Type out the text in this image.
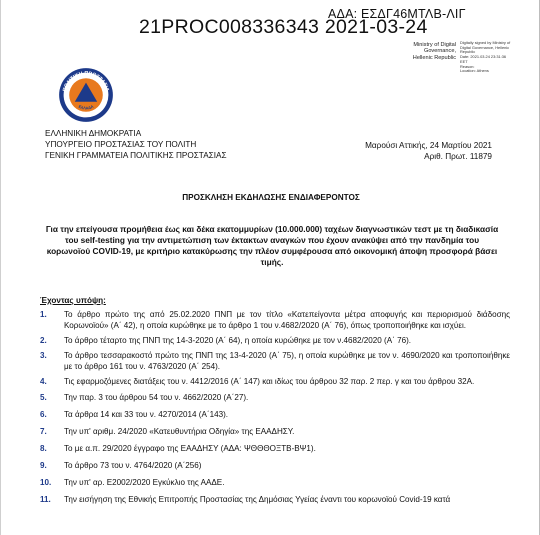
ΑΔΑ: ΕΣΔΓ46ΜΤΛΒ-ΛΙΓ
21PROC008336343 2021-03-24
Ministry of Digital
Governance,
Hellenic Republic
Digitally signed by Ministry of
Digital Governance, Hellenic
Republic
Date: 2021.03.24 23:31:36
EET
Reason:
Location: Athens
ΠΟΛΙΤΙΚΗ ΠΡΟΣΤΑΣΙΑ
ΕΛΛΑΔΑ
ΕΛΛΗΝΙΚΗ ΔΗΜΟΚΡΑΤΙΑ
ΥΠΟΥΡΓΕΙΟ ΠΡΟΣΤΑΣΙΑΣ ΤΟΥ ΠΟΛΙΤΗ
ΓΕΝΙΚΗ ΓΡΑΜΜΑΤΕΙΑ ΠΟΛΙΤΙΚΗΣ ΠΡΟΣΤΑΣΙΑΣ
Μαρούσι Αττικής, 24 Μαρτίου 2021
Αριθ. Πρωτ. 11879
ΠΡΟΣΚΛΗΣΗ ΕΚΔΗΛΩΣΗΣ ΕΝΔΙΑΦΕΡΟΝΤΟΣ
Για την επείγουσα προμήθεια έως και δέκα εκατομμυρίων (10.000.000) ταχέων διαγνωστικών τεστ με τη διαδικασία του self-testing για την αντιμετώπιση των έκτακτων αναγκών που έχουν ανακύψει από την πανδημία του κορωνοϊού COVID-19, με κριτήριο κατακύρωσης την πλέον συμφέρουσα από οικονομική άποψη προσφορά βάσει τιμής.
Έχοντας υπόψη:
1. Το άρθρο πρώτο της από 25.02.2020 ΠΝΠ με τον τίτλο «Κατεπείγοντα μέτρα αποφυγής και περιορισμού διάδοσης Κορωνοϊού» (Α΄ 42), η οποία κυρώθηκε με το άρθρο 1 του ν.4682/2020 (Α΄ 76), όπως τροποποιήθηκε και ισχύει.
2. Το άρθρο τέταρτο της ΠΝΠ της 14-3-2020 (Α΄ 64), η οποία κυρώθηκε με τον ν.4682/2020 (Α΄ 76).
3. Το άρθρο τεσσαρακοστό πρώτο της ΠΝΠ της 13-4-2020 (Α΄ 75), η οποία κυρώθηκε με τον ν. 4690/2020 και τροποποιήθηκε με το άρθρο 161 του ν. 4763/2020 (Α΄ 254).
4. Τις εφαρμοζόμενες διατάξεις του ν. 4412/2016 (Α΄ 147) και ιδίως του άρθρου 32 παρ. 2 περ. γ και του άρθρου 32Α.
5. Την παρ. 3 του άρθρου 54 του ν. 4662/2020 (Α΄27).
6. Τα άρθρα 14 και 33 του ν. 4270/2014 (Α΄143).
7. Την υπ' αριθμ. 24/2020 «Κατευθυντήρια Οδηγία» της ΕΑΑΔΗΣΥ.
8. Το με α.π. 29/2020 έγγραφο της ΕΑΑΔΗΣΥ (ΑΔΑ: ΨΘΘΘΟΞΤΒ-ΒΨ1).
9. Το άρθρο 73 του ν. 4764/2020 (Α΄256)
10. Την υπ' αρ. Ε2002/2020 Εγκύκλιο της ΑΑΔΕ.
11. Την εισήγηση της Εθνικής Επιτροπής Προστασίας της Δημόσιας Υγείας έναντι του κορωνοϊού Covid-19 κατά
